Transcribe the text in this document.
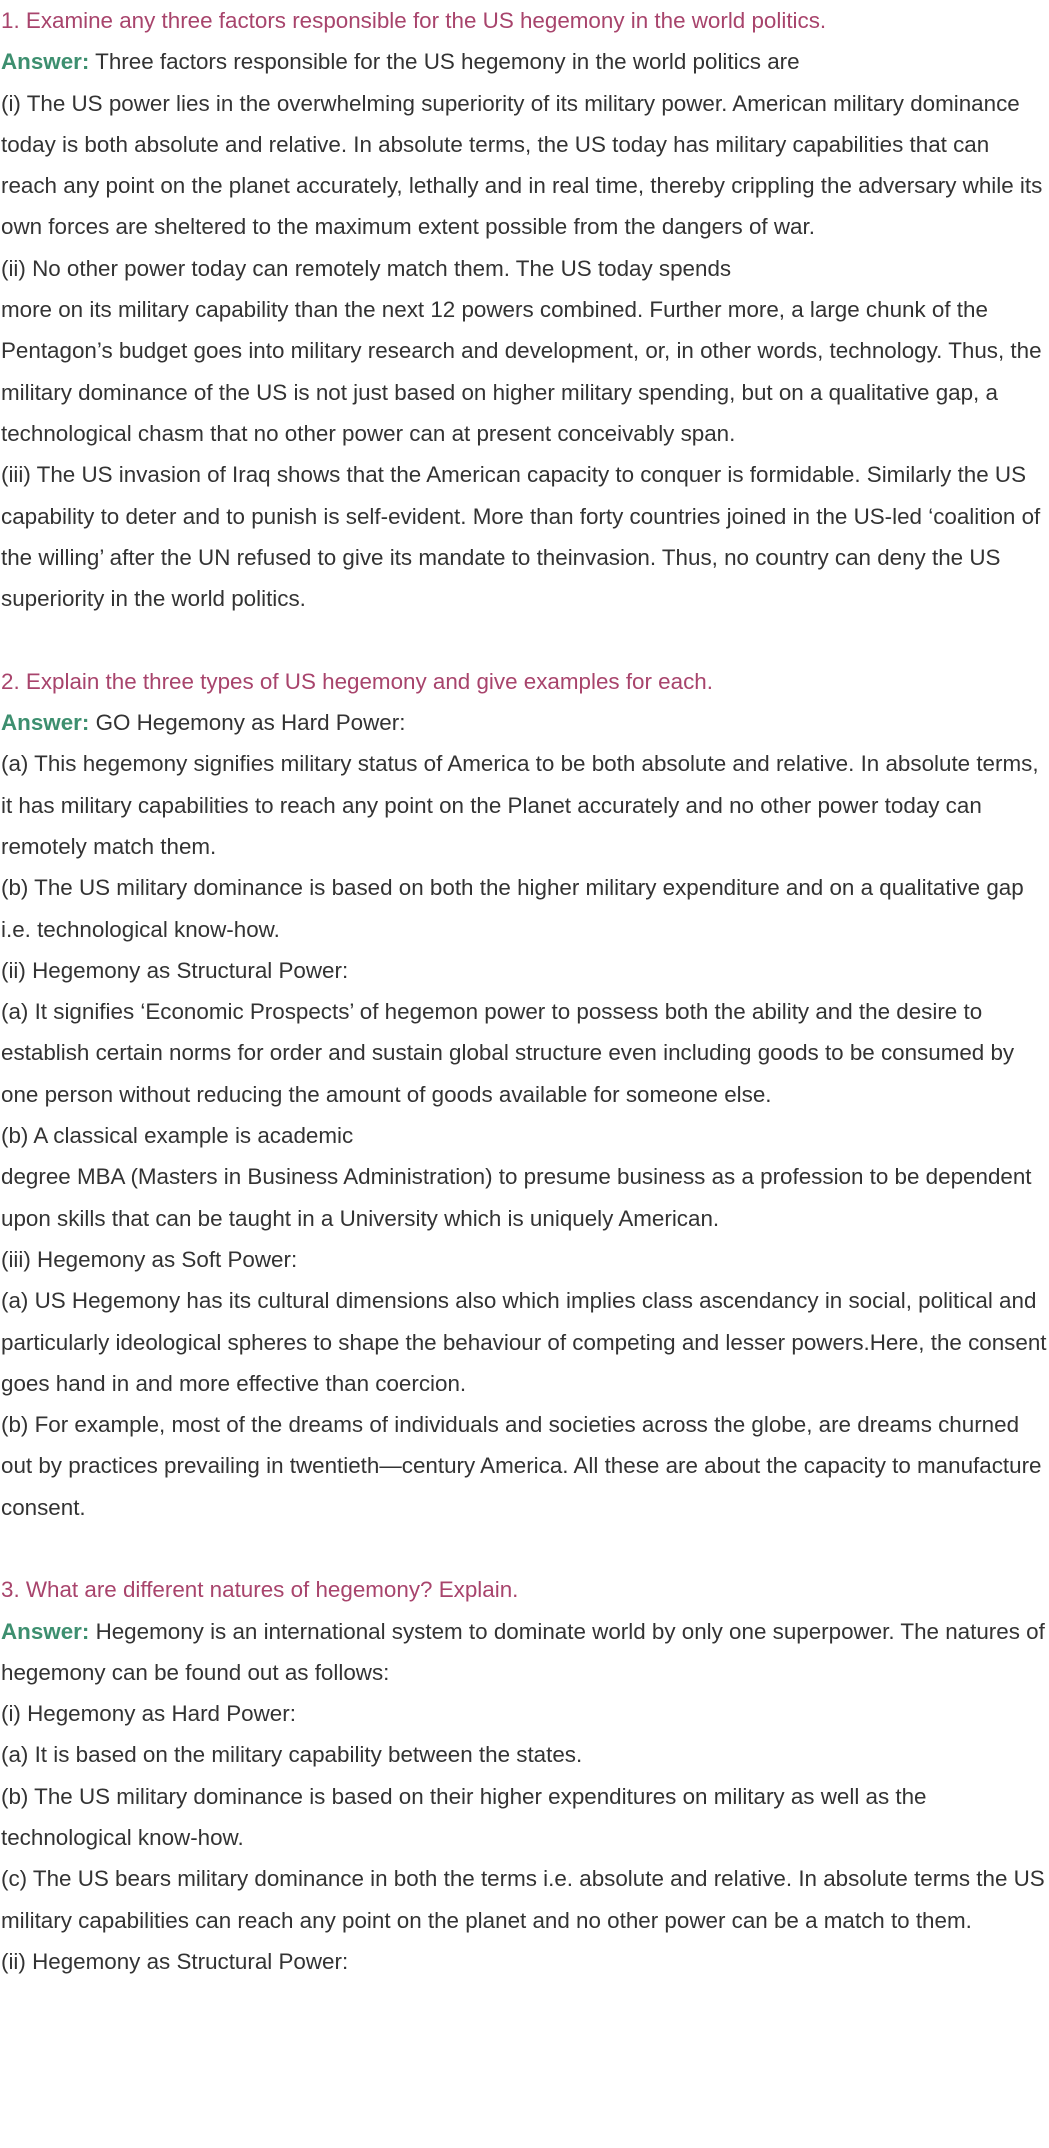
1. Examine any three factors responsible for the US hegemony in the world politics.

Answer: Three factors responsible for the US hegemony in the world politics are

(i) The US power lies in the overwhelming superiority of its military power. American military dominance today is both absolute and relative. In absolute terms, the US today has military capabilities that can reach any point on the planet accurately, lethally and in real time, thereby crippling the adversary while its own forces are sheltered to the maximum extent possible from the dangers of war.

(ii) No other power today can remotely match them. The US today spends

more on its military capability than the next 12 powers combined. Further more, a large chunk of the Pentagon’s budget goes into military research and development, or, in other words, technology. Thus, the military dominance of the US is not just based on higher military spending, but on a qualitative gap, a technological chasm that no other power can at present conceivably span.

(iii) The US invasion of Iraq shows that the American capacity to conquer is formidable. Similarly the US capability to deter and to punish is self-evident. More than forty countries joined in the US-led ‘coalition of the willing’ after the UN refused to give its mandate to theinvasion. Thus, no country can deny the US superiority in the world politics.

2. Explain the three types of US hegemony and give examples for each.

Answer: GO Hegemony as Hard Power:

(a) This hegemony signifies military status of America to be both absolute and relative. In absolute terms, it has military capabilities to reach any point on the Planet accurately and no other power today can remotely match them.

(b) The US military dominance is based on both the higher military expenditure and on a qualitative gap i.e. technological know-how.

(ii) Hegemony as Structural Power:

(a) It signifies ‘Economic Prospects’ of hegemon power to possess both the ability and the desire to establish certain norms for order and sustain global structure even including goods to be consumed by one person without reducing the amount of goods available for someone else.

(b) A classical example is academic

degree MBA (Masters in Business Administration) to presume business as a profession to be dependent upon skills that can be taught in a University which is uniquely American.

(iii) Hegemony as Soft Power:

(a) US Hegemony has its cultural dimensions also which implies class ascendancy in social, political and particularly ideological spheres to shape the behaviour of competing and lesser powers.Here, the consent goes hand in and more effective than coercion.

(b) For example, most of the dreams of individuals and societies across the globe, are dreams churned out by practices prevailing in twentieth—century America. All these are about the capacity to manufacture consent.

3. What are different natures of hegemony? Explain.

Answer: Hegemony is an international system to dominate world by only one superpower. The natures of hegemony can be found out as follows:

(i) Hegemony as Hard Power:

(a) It is based on the military capability between the states.

(b) The US military dominance is based on their higher expenditures on military as well as the technological know-how.

(c) The US bears military dominance in both the terms i.e. absolute and relative. In absolute terms the US military capabilities can reach any point on the planet and no other power can be a match to them.

(ii) Hegemony as Structural Power:
